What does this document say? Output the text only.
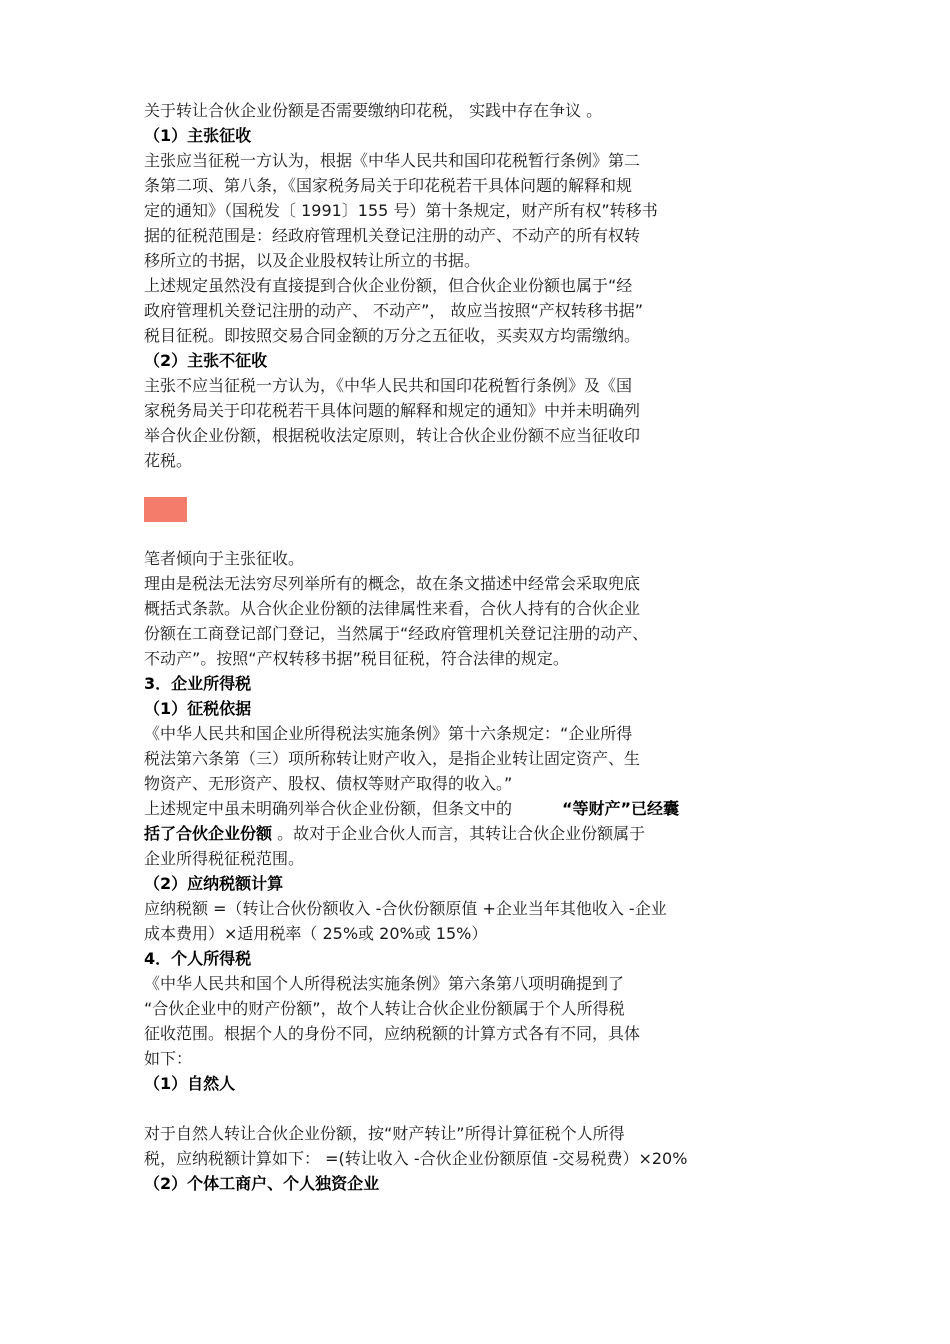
关于转让合伙企业份额是否需要缴纳印花税， 实践中存在争议 。
（1）主张征收
主张应当征税一方认为，根据《中华人民共和国印花税暂行条例》第二
条第二项、第八条，《国家税务局关于印花税若干具体问题的解释和规
定的通知》（国税发〔 1991〕155 号）第十条规定，财产所有权”转移书
据的征税范围是：经政府管理机关登记注册的动产、不动产的所有权转
移所立的书据，以及企业股权转让所立的书据。
上述规定虽然没有直接提到合伙企业份额，但合伙企业份额也属于“经
政府管理机关登记注册的动产、 不动产”， 故应当按照“产权转移书据”
税目征税。即按照交易合同金额的万分之五征收，买卖双方均需缴纳。
（2）主张不征收
主张不应当征税一方认为，《中华人民共和国印花税暂行条例》及《国
家税务局关于印花税若干具体问题的解释和规定的通知》中并未明确列
举合伙企业份额，根据税收法定原则，转让合伙企业份额不应当征收印
花税。
笔者倾向于主张征收。
理由是税法无法穷尽列举所有的概念，故在条文描述中经常会采取兜底
概括式条款。从合伙企业份额的法律属性来看，合伙人持有的合伙企业
份额在工商登记部门登记，当然属于“经政府管理机关登记注册的动产、
不动产”。按照“产权转移书据”税目征税，符合法律的规定。
3．企业所得税
（1）征税依据
《中华人民共和国企业所得税法实施条例》第十六条规定：“企业所得
税法第六条第（三）项所称转让财产收入，是指企业转让固定资产、生
物资产、无形资产、股权、债权等财产取得的收入。”
上述规定中虽未明确列举合伙企业份额，但条文中的	“等财产”已经囊
括了合伙企业份额 。故对于企业合伙人而言，其转让合伙企业份额属于
企业所得税征税范围。
（2）应纳税额计算
应纳税额 =（转让合伙份额收入 -合伙份额原值 +企业当年其他收入 -企业
成本费用）×适用税率（ 25%或 20%或 15%）
4．个人所得税
《中华人民共和国个人所得税法实施条例》第六条第八项明确提到了
“合伙企业中的财产份额”，故个人转让合伙企业份额属于个人所得税
征收范围。根据个人的身份不同，应纳税额的计算方式各有不同，具体
如下：
（1）自然人
对于自然人转让合伙企业份额，按“财产转让”所得计算征税个人所得
税，应纳税额计算如下： =(转让收入 -合伙企业份额原值 -交易税费）×20%
（2）个体工商户、个人独资企业
